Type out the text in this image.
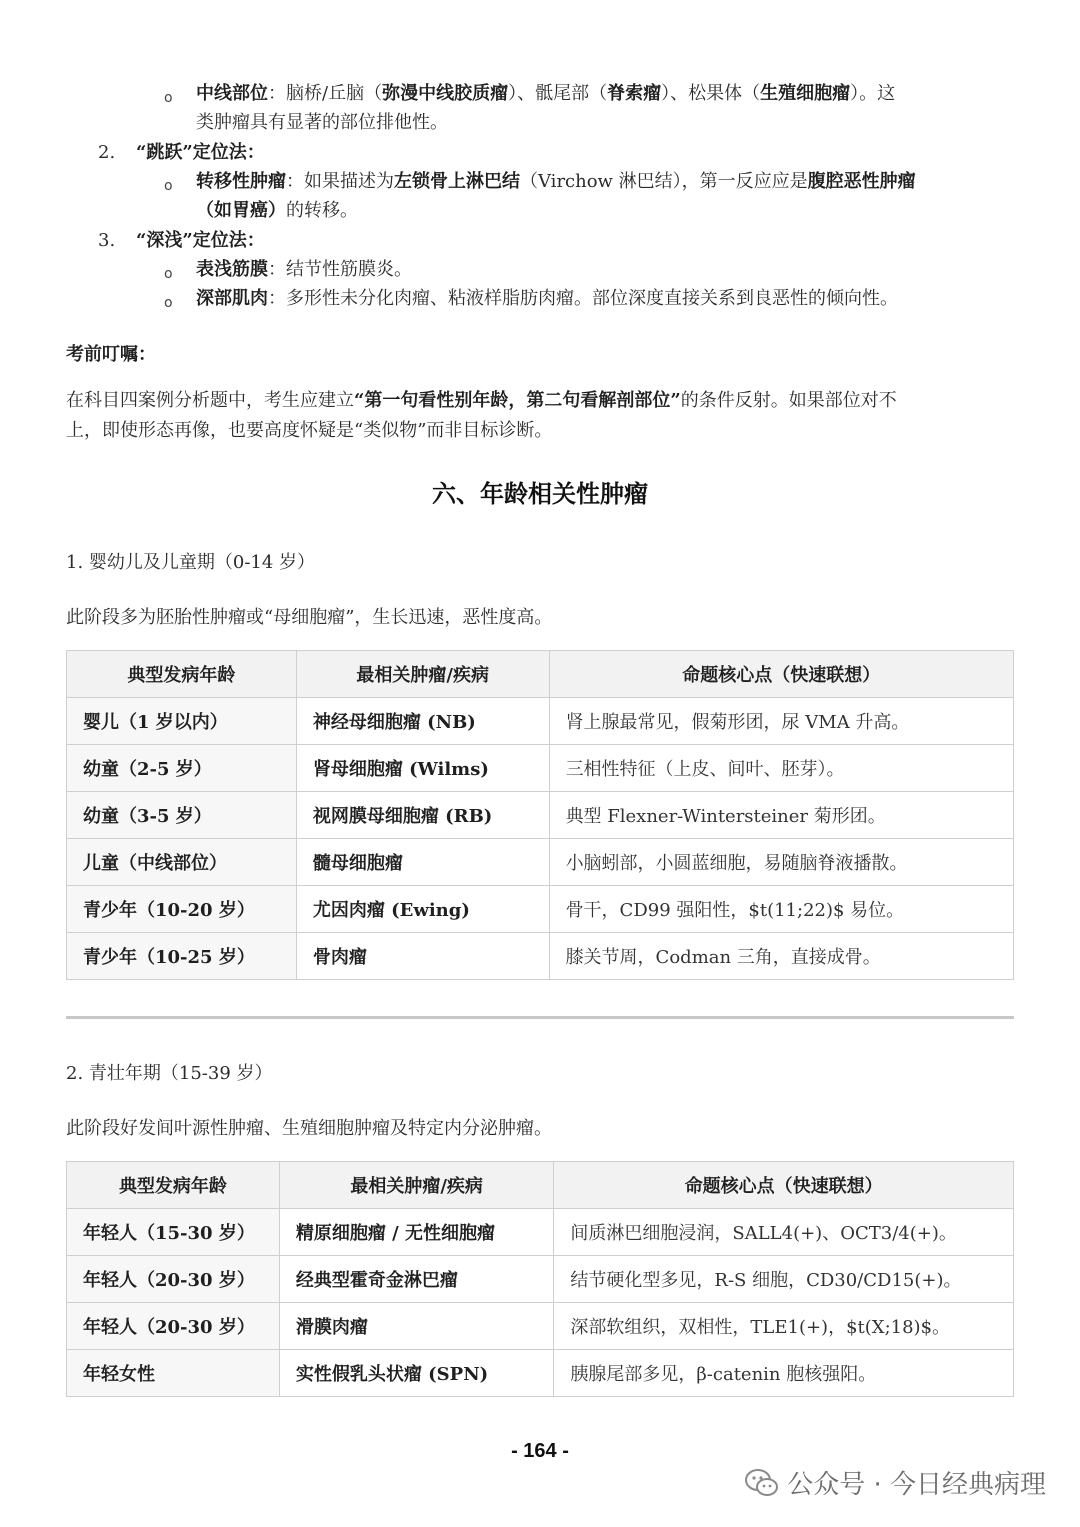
o 中线部位：脑桥/丘脑（弥漫中线胶质瘤）、骶尾部（脊索瘤）、松果体（生殖细胞瘤）。这
类肿瘤具有显著的部位排他性。
2. “跳跃”定位法：
o 转移性肿瘤：如果描述为左锁骨上淋巴结（Virchow 淋巴结），第一反应应是腹腔恶性肿瘤
（如胃癌）的转移。
3. “深浅”定位法：
o 表浅筋膜：结节性筋膜炎。
o 深部肌肉：多形性未分化肉瘤、粘液样脂肪肉瘤。部位深度直接关系到良恶性的倾向性。
考前叮嘱：
在科目四案例分析题中，考生应建立“第一句看性别年龄，第二句看解剖部位”的条件反射。如果部位对不
上，即使形态再像，也要高度怀疑是“类似物”而非目标诊断。
六、年龄相关性肿瘤
1. 婴幼儿及儿童期（0-14 岁）
此阶段多为胚胎性肿瘤或“母细胞瘤”，生长迅速，恶性度高。
典型发病年龄	最相关肿瘤/疾病	命题核心点（快速联想）
婴儿（1 岁以内）	神经母细胞瘤 (NB)	肾上腺最常见，假菊形团，尿 VMA 升高。
幼童（2-5 岁）	肾母细胞瘤 (Wilms)	三相性特征（上皮、间叶、胚芽）。
幼童（3-5 岁）	视网膜母细胞瘤 (RB)	典型 Flexner-Wintersteiner 菊形团。
儿童（中线部位）	髓母细胞瘤	小脑蚓部，小圆蓝细胞，易随脑脊液播散。
青少年（10-20 岁）	尤因肉瘤 (Ewing)	骨干，CD99 强阳性，$t(11;22)$ 易位。
青少年（10-25 岁）	骨肉瘤	膝关节周，Codman 三角，直接成骨。
2. 青壮年期（15-39 岁）
此阶段好发间叶源性肿瘤、生殖细胞肿瘤及特定内分泌肿瘤。
典型发病年龄	最相关肿瘤/疾病	命题核心点（快速联想）
年轻人（15-30 岁）	精原细胞瘤 / 无性细胞瘤	间质淋巴细胞浸润，SALL4(+)、OCT3/4(+)。
年轻人（20-30 岁）	经典型霍奇金淋巴瘤	结节硬化型多见，R-S 细胞，CD30/CD15(+)。
年轻人（20-30 岁）	滑膜肉瘤	深部软组织，双相性，TLE1(+)，$t(X;18)$。
年轻女性	实性假乳头状瘤 (SPN)	胰腺尾部多见，β-catenin 胞核强阳。
- 164 -
公众号 · 今日经典病理
